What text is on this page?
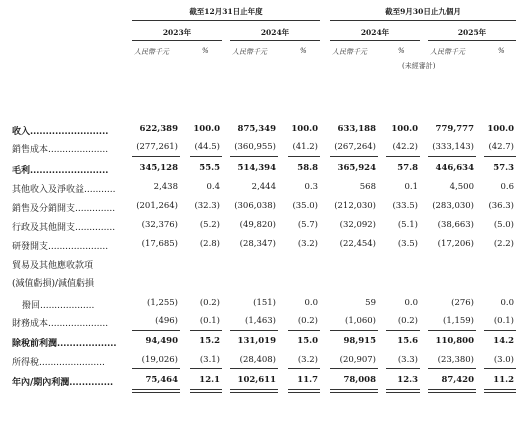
截至12月31日止年度	截至9月30日止九個月
2023年	2024年	2024年	2025年
人民幣千元	%	人民幣千元	%	人民幣千元	%	人民幣千元	%
(未經審計)
收入.........................	622,389	100.0	875,349	100.0	633,188	100.0	779,777	100.0
銷售成本.....................	(277,261)	(44.5)	(360,955)	(41.2)	(267,264)	(42.2)	(333,143)	(42.7)
毛利.........................	345,128	55.5	514,394	58.8	365,924	57.8	446,634	57.3
其他收入及淨收益...........	2,438	0.4	2,444	0.3	568	0.1	4,500	0.6
銷售及分銷開支..............	(201,264)	(32.3)	(306,038)	(35.0)	(212,030)	(33.5)	(283,030)	(36.3)
行政及其他開支..............	(32,376)	(5.2)	(49,820)	(5.7)	(32,092)	(5.1)	(38,663)	(5.0)
研發開支.....................	(17,685)	(2.8)	(28,347)	(3.2)	(22,454)	(3.5)	(17,206)	(2.2)
貿易及其他應收款項
(減值虧損)/減值虧損
撥回...................	(1,255)	(0.2)	(151)	0.0	59	0.0	(276)	0.0
財務成本.....................	(496)	(0.1)	(1,463)	(0.2)	(1,060)	(0.2)	(1,159)	(0.1)
除稅前利潤...................	94,490	15.2	131,019	15.0	98,915	15.6	110,800	14.2
所得稅.......................	(19,026)	(3.1)	(28,408)	(3.2)	(20,907)	(3.3)	(23,380)	(3.0)
年內/期內利潤..............	75,464	12.1	102,611	11.7	78,008	12.3	87,420	11.2
